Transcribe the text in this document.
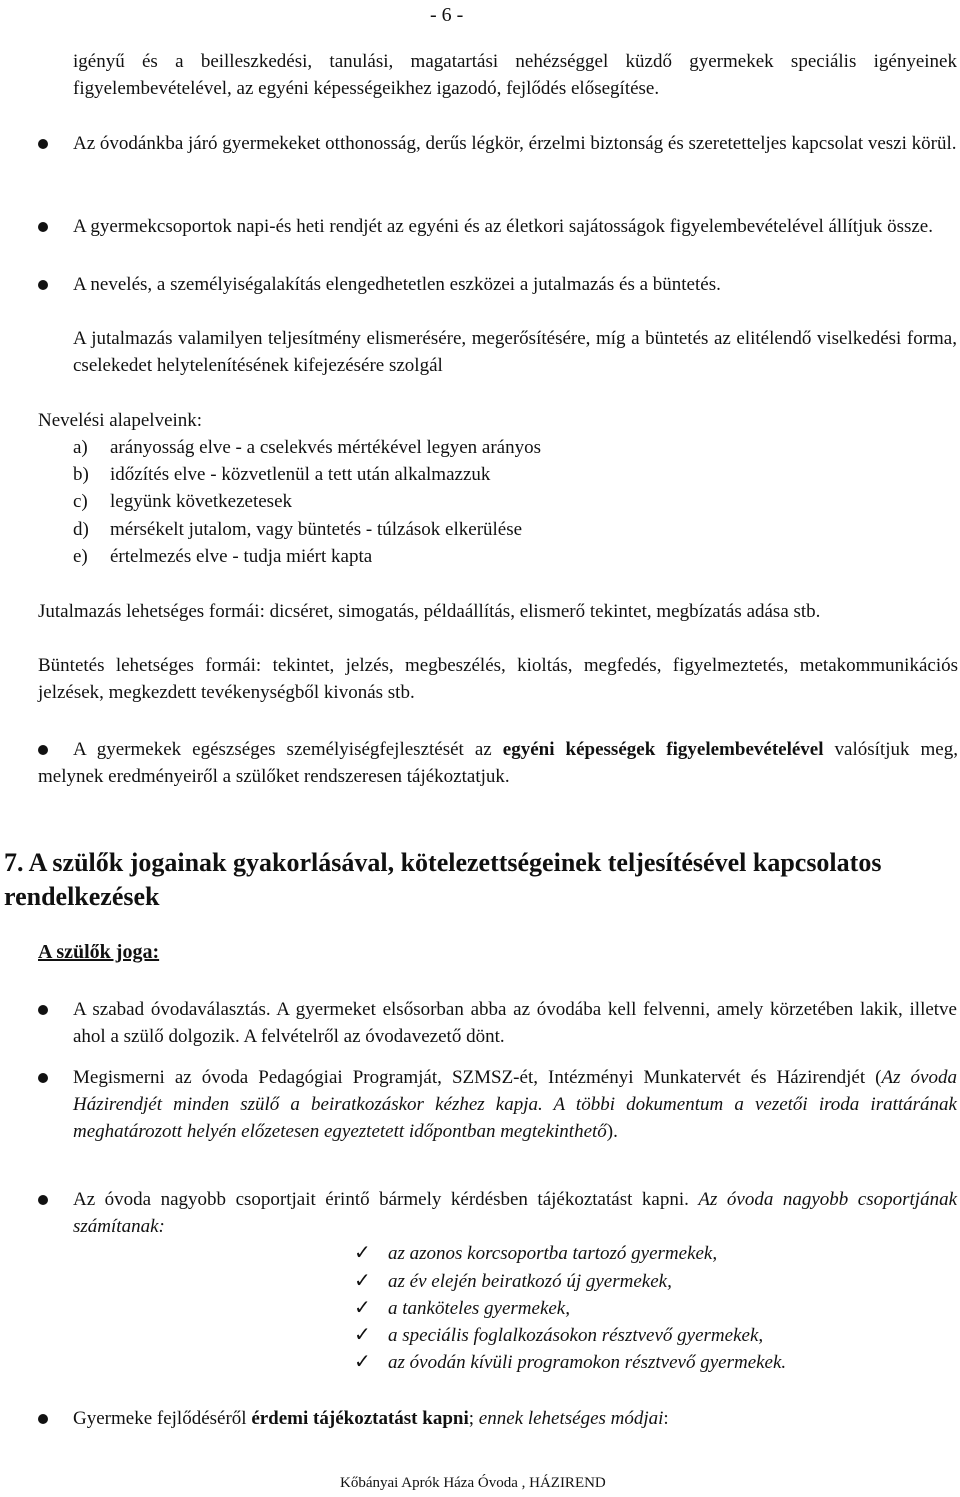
- 6 -
igényű és a beilleszkedési, tanulási, magatartási nehézséggel küzdő gyermekek speciális igényeinek figyelembevételével, az egyéni képességeikhez igazodó, fejlődés elősegítése.
Az óvodánkba járó gyermekeket otthonosság, derűs légkör, érzelmi biztonság és szeretetteljes kapcsolat veszi körül.
A gyermekcsoportok napi-és heti rendjét az egyéni és az életkori sajátosságok figyelembevételével állítjuk össze.
A nevelés, a személyiségalakítás elengedhetetlen eszközei a jutalmazás és a büntetés.
A jutalmazás valamilyen teljesítmény elismerésére, megerősítésére, míg a büntetés az elitélendő viselkedési forma, cselekedet helytelenítésének kifejezésére szolgál
Nevelési alapelveink:
a) arányosság elve - a cselekvés mértékével legyen arányos
b) időzítés elve - közvetlenül a tett után alkalmazzuk
c) legyünk következetesek
d) mérsékelt jutalom, vagy büntetés - túlzások elkerülése
e) értelmezés elve - tudja miért kapta
Jutalmazás lehetséges formái: dicséret, simogatás, példaállítás, elismerő tekintet, megbízatás adása stb.
Büntetés lehetséges formái: tekintet, jelzés, megbeszélés, kioltás, megfedés, figyelmeztetés, metakommunikációs jelzések, megkezdett tevékenységből kivonás stb.
A gyermekek egészséges személyiségfejlesztését az egyéni képességek figyelembevételével valósítjuk meg, melynek eredményeiről a szülőket rendszeresen tájékoztatjuk.
7. A szülők jogainak gyakorlásával, kötelezettségeinek teljesítésével kapcsolatos rendelkezések
A szülők joga:
A szabad óvodaválasztás. A gyermeket elsősorban abba az óvodába kell felvenni, amely körzetében lakik, illetve ahol a szülő dolgozik. A felvételről az óvodavezető dönt.
Megismerni az óvoda Pedagógiai Programját, SZMSZ-ét, Intézményi Munkatervét és Házirendjét (Az óvoda Házirendjét minden szülő a beiratkozáskor kézhez kapja. A többi dokumentum a vezetői iroda irattárának meghatározott helyén előzetesen egyeztetett időpontban megtekinthető).
Az óvoda nagyobb csoportjait érintő bármely kérdésben tájékoztatást kapni. Az óvoda nagyobb csoportjának számítanak:
✓ az azonos korcsoportba tartozó gyermekek,
✓ az év elején beiratkozó új gyermekek,
✓ a tanköteles gyermekek,
✓ a speciális foglalkozásokon résztvevő gyermekek,
✓ az óvodán kívüli programokon résztvevő gyermekek.
Gyermeke fejlődéséről érdemi tájékoztatást kapni; ennek lehetséges módjai:
Kőbányai Aprók Háza Óvoda , HÁZIREND
